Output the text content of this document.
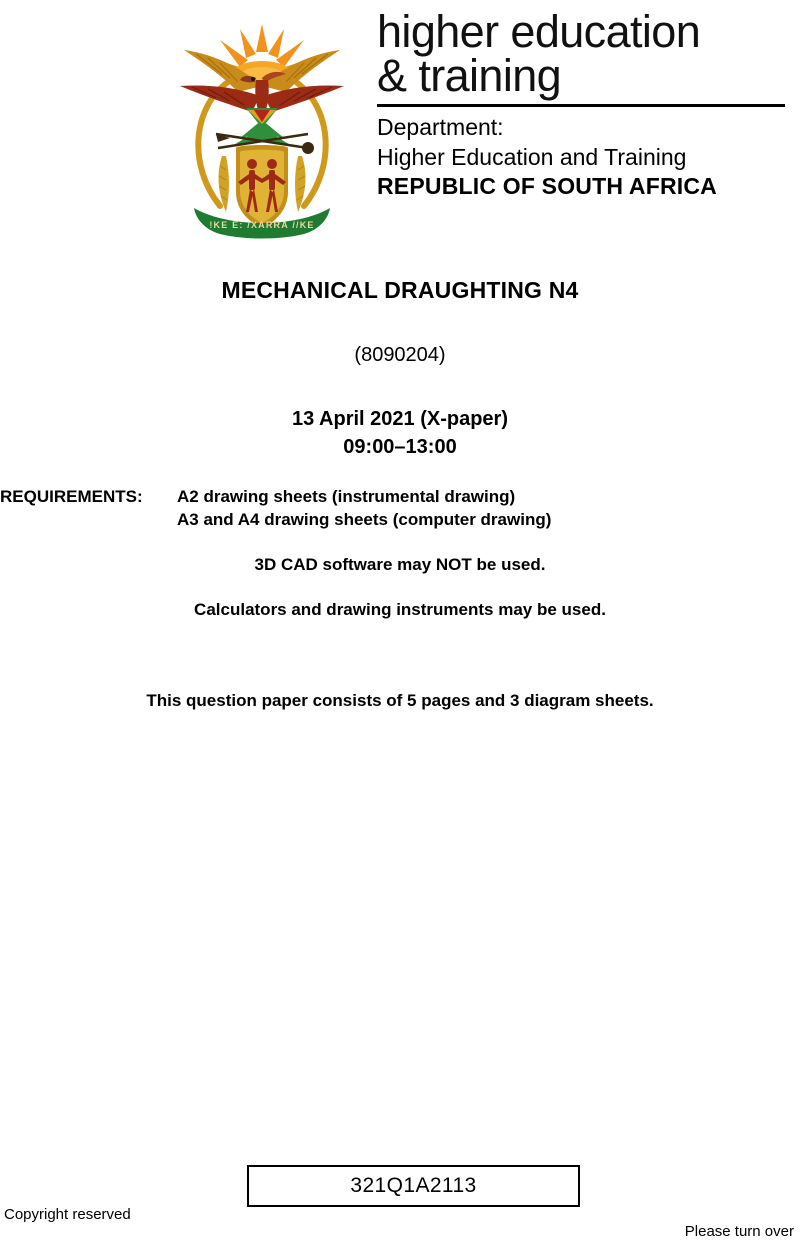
!KE E: /XARRA //KE
higher education
& training
Department:
Higher Education and Training
REPUBLIC OF SOUTH AFRICA
MECHANICAL DRAUGHTING N4
(8090204)
13 April 2021 (X-paper)
09:00–13:00
REQUIREMENTS: A2 drawing sheets (instrumental drawing)
A3 and A4 drawing sheets (computer drawing)
3D CAD software may NOT be used.
Calculators and drawing instruments may be used.
This question paper consists of 5 pages and 3 diagram sheets.
321Q1A2113
Copyright reserved
Please turn over
